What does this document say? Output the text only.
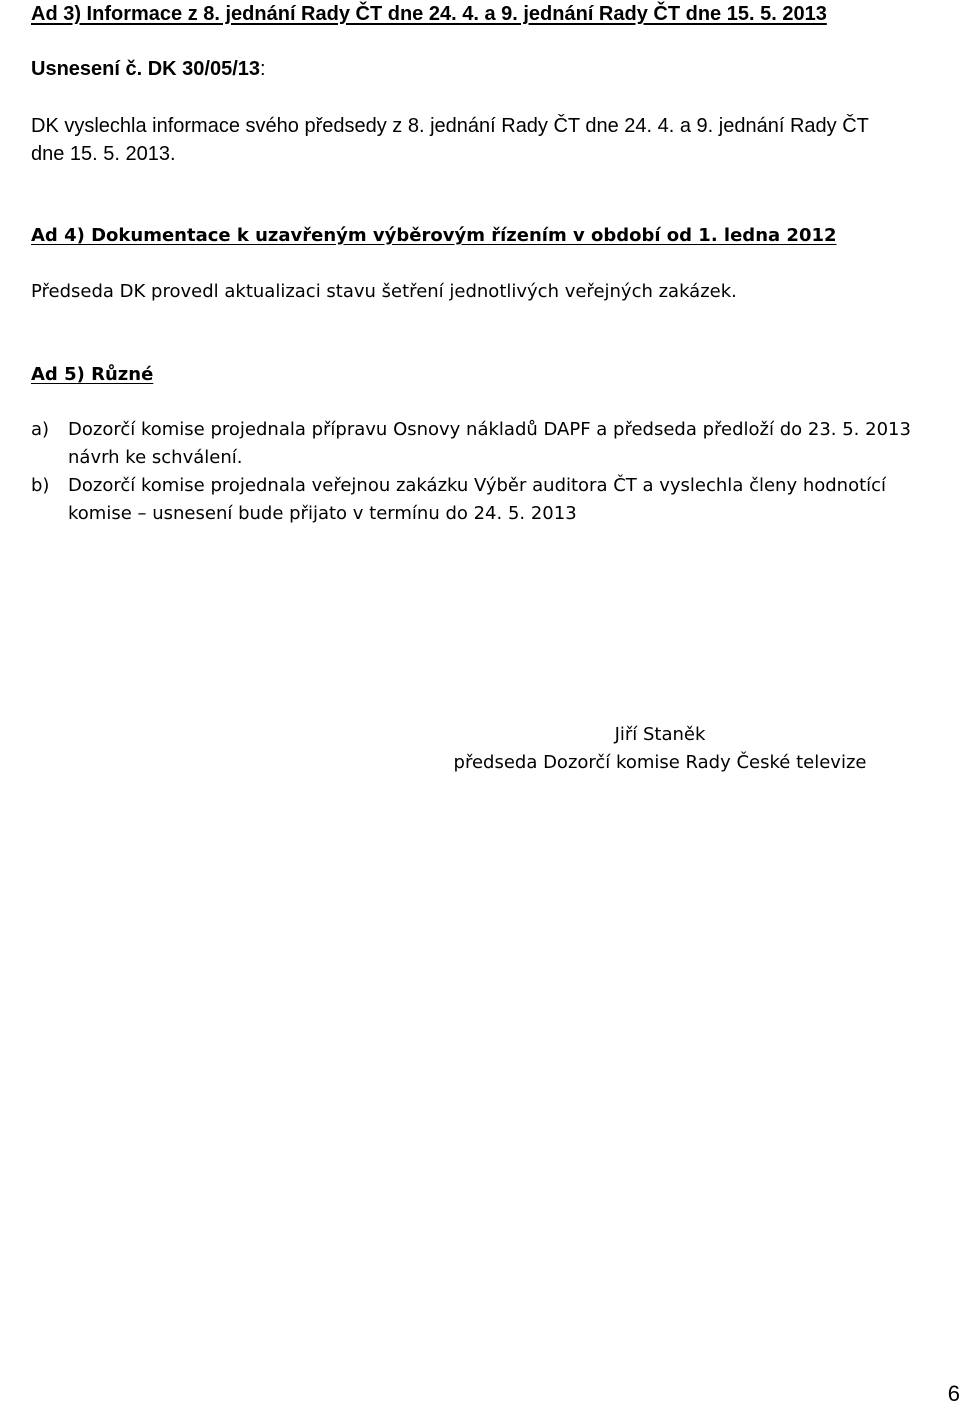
Ad 3) Informace z 8. jednání Rady ČT dne 24. 4. a 9. jednání Rady ČT dne 15. 5. 2013
Usnesení č. DK 30/05/13:
DK vyslechla informace svého předsedy z 8. jednání Rady ČT dne 24. 4. a 9. jednání Rady ČT
dne 15. 5. 2013.
Ad 4) Dokumentace k uzavřeným výběrovým řízením v období od 1. ledna 2012
Předseda DK provedl aktualizaci stavu šetření jednotlivých veřejných zakázek.
Ad 5) Různé
a) Dozorčí komise projednala přípravu Osnovy nákladů DAPF a předseda předloží do 23. 5. 2013 návrh ke schválení.
b) Dozorčí komise projednala veřejnou zakázku Výběr auditora ČT a vyslechla členy hodnotící komise – usnesení bude přijato v termínu do 24. 5. 2013
Jiří Staněk
předseda Dozorčí komise Rady České televize
6
